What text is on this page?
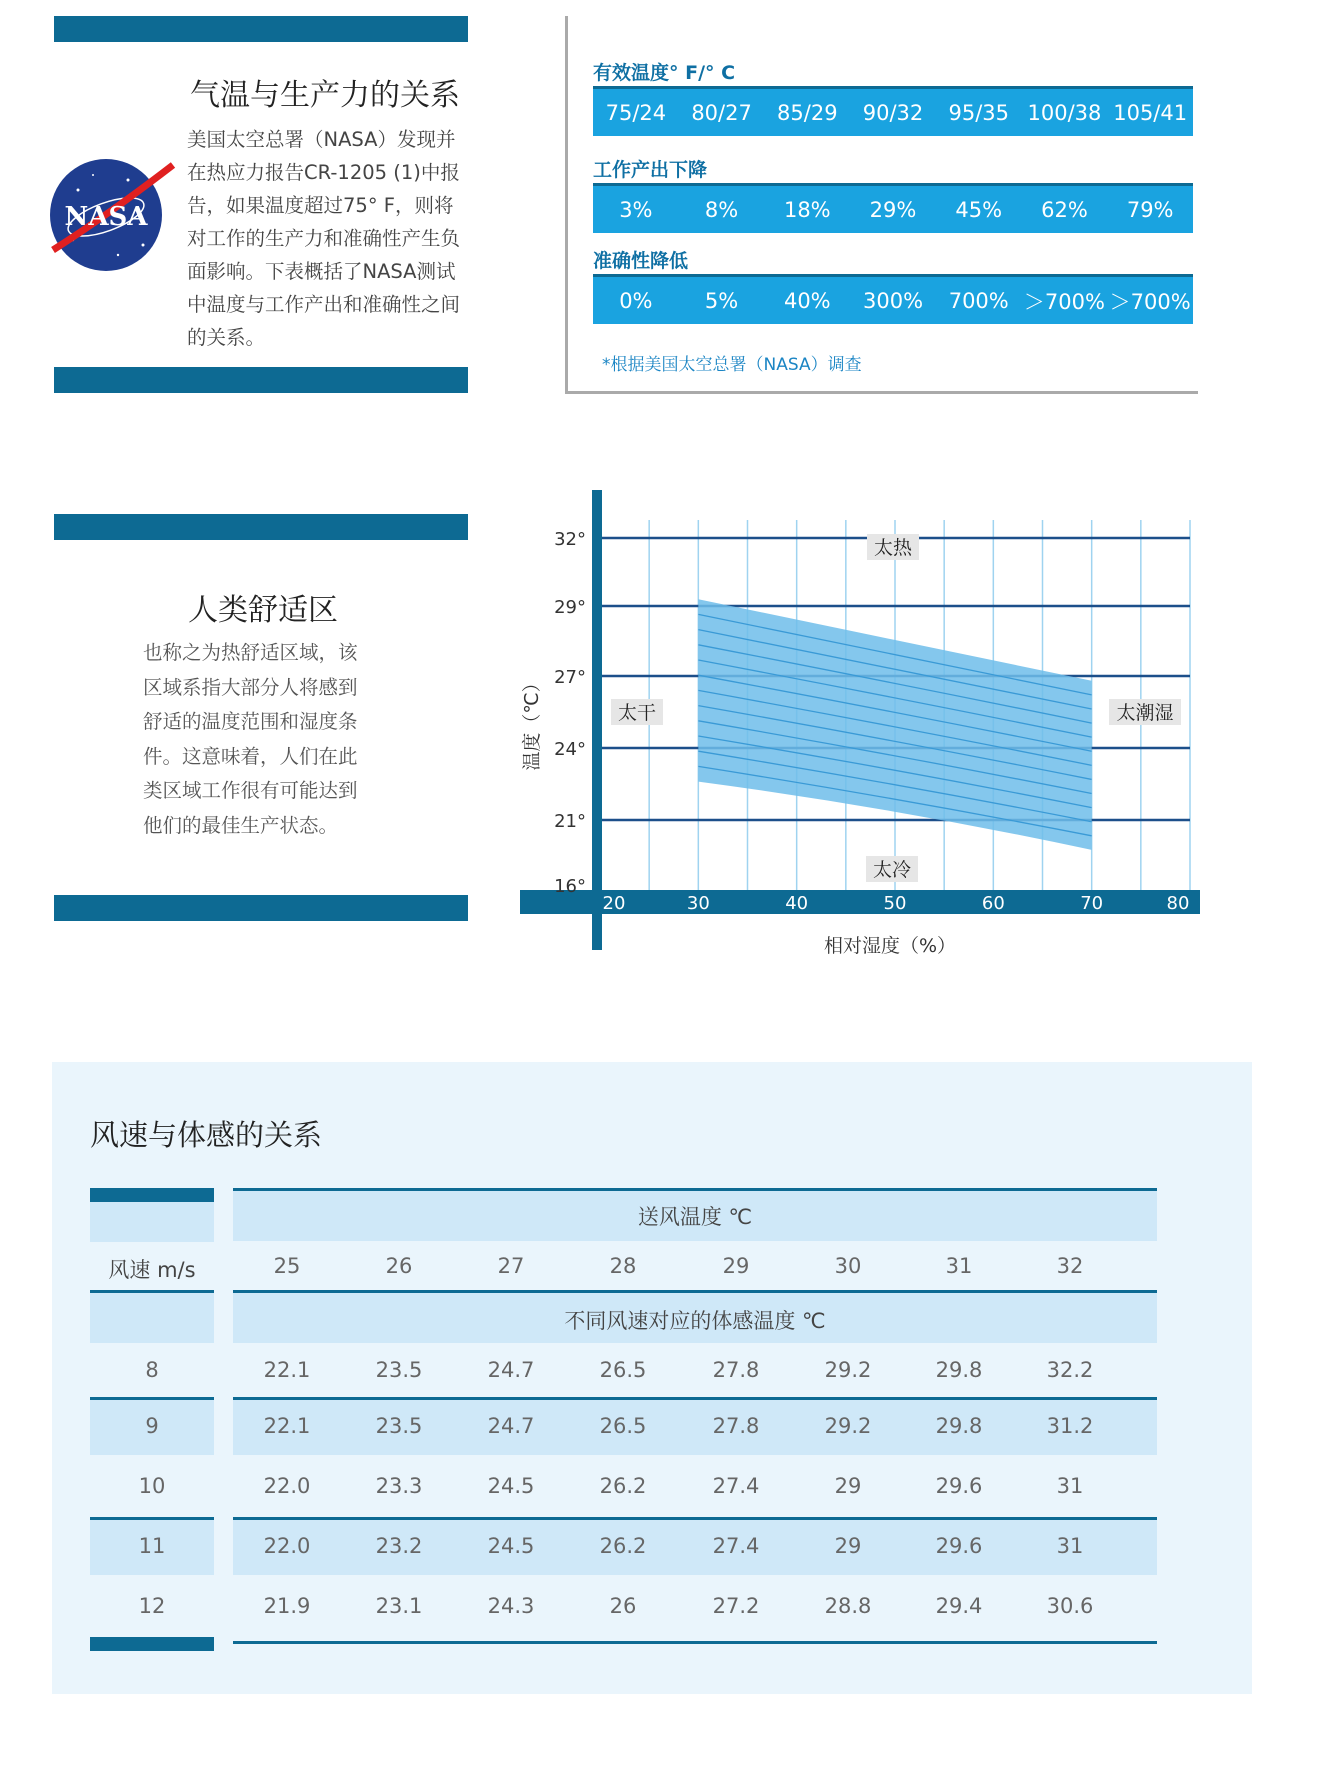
气温与生产力的关系
NASA
美国太空总署（NASA）发现并
在热应力报告CR-1205 (1)中报
告，如果温度超过75° F，则将
对工作的生产力和准确性产生负
面影响。下表概括了NASA测试
中温度与工作产出和准确性之间
的关系。
有效温度° F/° C
75/24	80/27	85/29	90/32	95/35 100/38 105/41
工作产出下降
3%	8%	18%	29%	45%	62%	79%
准确性降低
0%	5%	40%	300%	700% ＞700% ＞700%
*根据美国太空总署（NASA）调查
人类舒适区
也称之为热舒适区域，该
区域系指大部分人将感到
舒适的温度范围和湿度条
件。这意味着，人们在此
类区域工作很有可能达到
他们的最佳生产状态。
20	30	40	50	60	70	80
16°
21°
24°
27°
29°
32°
相对湿度（%）
温度（℃）
太热
太冷
太干	太潮湿
风速与体感的关系
送风温度 ℃
风速 m/s	25	26	27	28	29	30	31	32
不同风速对应的体感温度 ℃
8	22.1	23.5	24.7	26.5	27.8	29.2	29.8	32.2
9	22.1	23.5	24.7	26.5	27.8	29.2	29.8	31.2
10	22.0	23.3	24.5	26.2	27.4	29	29.6	31
11	22.0	23.2	24.5	26.2	27.4	29	29.6	31
12	21.9	23.1	24.3	26	27.2	28.8	29.4	30.6
